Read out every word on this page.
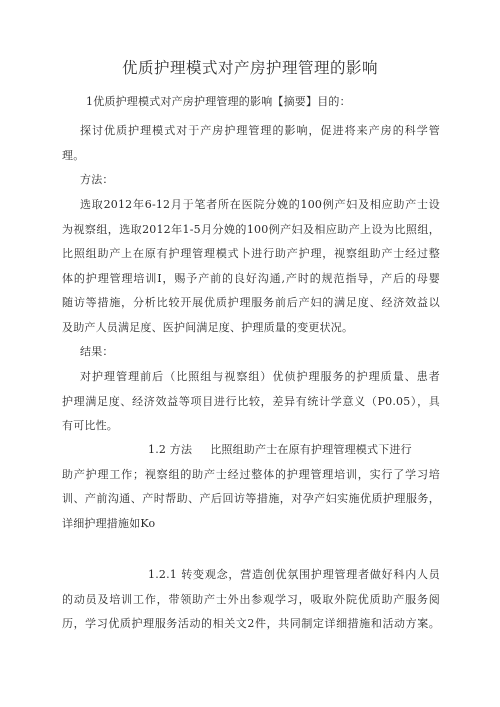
优质护理模式对产房护理管理的影响
1优质护理模式对产房护理管理的影响【摘要】目的：
探讨优质护理模式对于产房护理管理的影响，促进将来产房的科学管
理。
方法：
选取2012年6-12月于笔者所在医院分娩的100例产妇及相应助产士设
为视察组，选取2012年1-5月分娩的100例产妇及相应助产上设为比照组，
比照组助产上在原有护理管理模式卜进行助产护理，视察组助产士经过整
体的护理管理培训I，赐予产前的良好沟通,产时的规范指导，产后的母婴
随访等措施，分析比较开展优质护理服务前后产妇的满足度、经济效益以
及助产人员满足度、医护间满足度、护理质量的变更状况。
结果：
对护理管理前后（比照组与视察组）优侦护理服务的护理质量、患者
护理满足度、经济效益等项目进行比较，差异有统计学意义（P0.05），具
有可比性。
1.2 方法 比照组助产士在原有护理管理模式下进行
助产护理工作；视察组的助产士经过整体的护理管理培训，实行了学习培
训、产前沟通、产时帮助、产后回访等措施，对孕产妇实施优质护理服务，
详细护理措施如Ko
1.2.1 转变观念，营造创优氛围护理管理者做好科内人员
的动员及培训工作，带领助产士外出参观学习，吸取外院优质助产服务阅
历，学习优质护理服务活动的相关文2件，共同制定详细措施和活动方案。
